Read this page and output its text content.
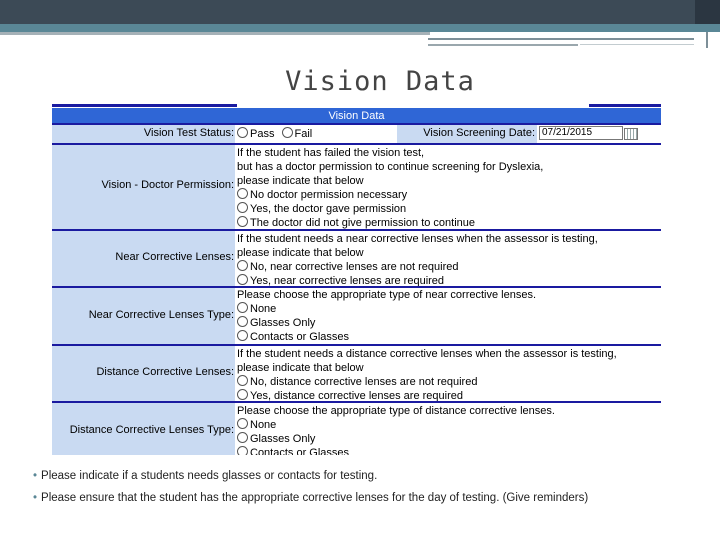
Vision Data
Vision Data
Vision Test Status:	Pass Fail	Vision Screening Date: 07/21/2015
Vision - Doctor Permission:
If the student has failed the vision test,
but has a doctor permission to continue screening for Dyslexia,
please indicate that below
No doctor permission necessary
Yes, the doctor gave permission
The doctor did not give permission to continue
Near Corrective Lenses:
If the student needs a near corrective lenses when the assessor is testing,
please indicate that below
No, near corrective lenses are not required
Yes, near corrective lenses are required
Near Corrective Lenses Type:
Please choose the appropriate type of near corrective lenses.
None
Glasses Only
Contacts or Glasses
Distance Corrective Lenses:
If the student needs a distance corrective lenses when the assessor is testing,
please indicate that below
No, distance corrective lenses are not required
Yes, distance corrective lenses are required
Distance Corrective Lenses Type:
Please choose the appropriate type of distance corrective lenses.
None
Glasses Only
Contacts or Glasses
• Please indicate if a students needs glasses or contacts for testing.
• Please ensure that the student has the appropriate corrective lenses for the day of testing. (Give reminders)
